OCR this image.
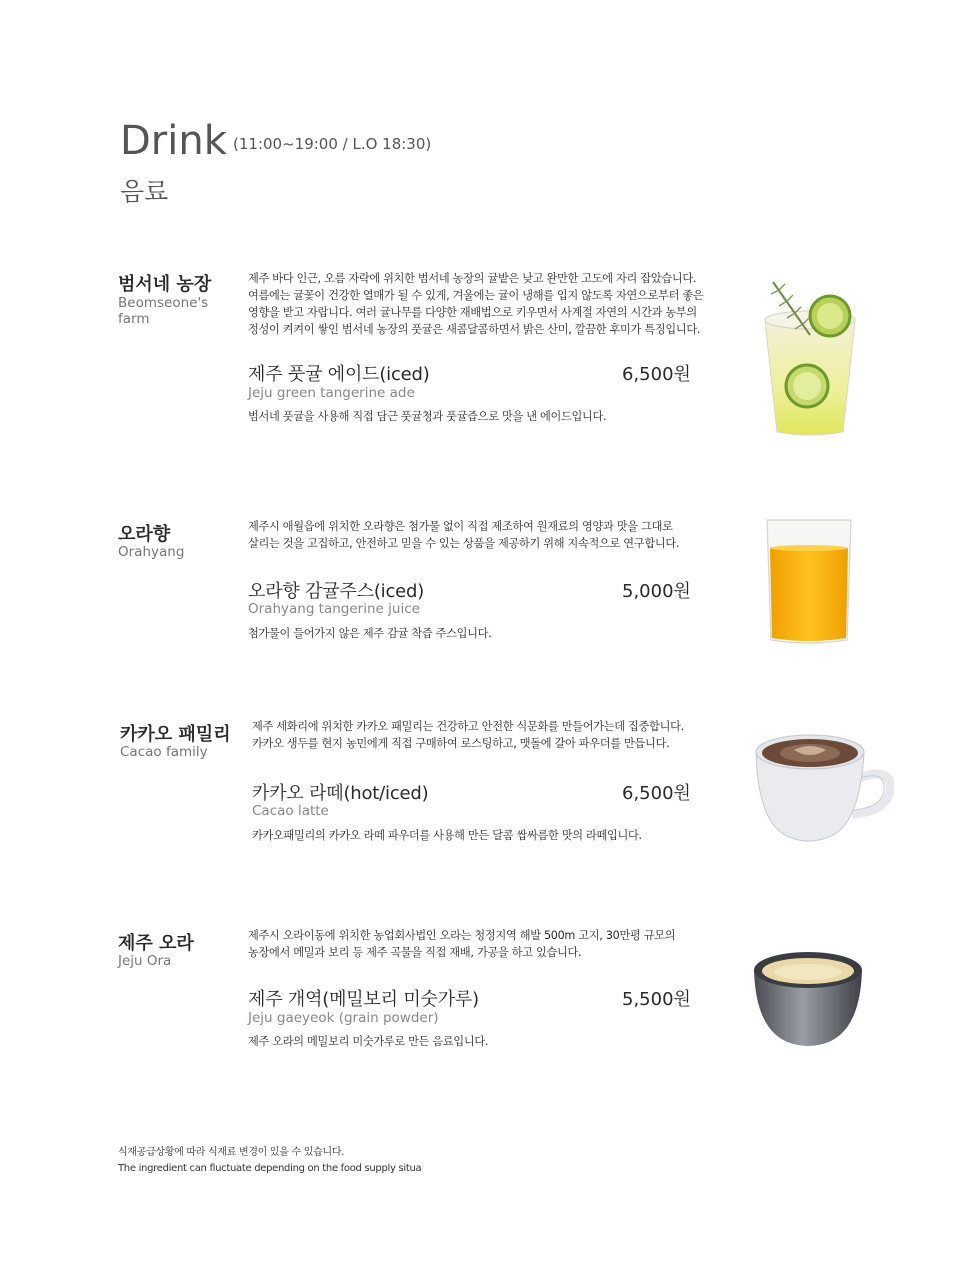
Drink (11:00~19:00 / L.O 18:30)
음료
범서네 농장
Beomseone's farm
제주 바다 인근, 오름 자락에 위치한 범서네 농장의 귤밭은 낮고 완만한 고도에 자리 잡았습니다.
여름에는 귤꽃이 건강한 열매가 될 수 있게, 겨울에는 귤이 냉해를 입지 않도록 자연으로부터 좋은
영향을 받고 자랍니다. 여러 귤나무를 다양한 재배법으로 키우면서 사계절 자연의 시간과 농부의
정성이 켜켜이 쌓인 범서네 농장의 풋귤은 새콤달콤하면서 밝은 산미, 깔끔한 후미가 특징입니다.
제주 풋귤 에이드(iced)	6,500원
Jeju green tangerine ade
범서네 풋귤을 사용해 직접 담근 풋귤청과 풋귤즙으로 맛을 낸 에이드입니다.
오라향
Orahyang
제주시 애월읍에 위치한 오라향은 첨가물 없이 직접 제조하여 원재료의 영양과 맛을 그대로
살리는 것을 고집하고, 안전하고 믿을 수 있는 상품을 제공하기 위해 지속적으로 연구합니다.
오라향 감귤주스(iced)	5,000원
Orahyang tangerine juice
첨가물이 들어가지 않은 제주 감귤 착즙 주스입니다.
카카오 패밀리
Cacao family
제주 세화리에 위치한 카카오 패밀리는 건강하고 안전한 식문화를 만들어가는데 집중합니다.
카카오 생두를 현지 농민에게 직접 구매하여 로스팅하고, 맷돌에 갈아 파우더를 만듭니다.
카카오 라떼(hot/iced)	6,500원
Cacao latte
카카오패밀리의 카카오 라떼 파우더를 사용해 만든 달콤 쌉싸름한 맛의 라떼입니다.
제주 오라
Jeju Ora
제주시 오라이동에 위치한 농업회사법인 오라는 청정지역 해발 500m 고지, 30만평 규모의
농장에서 메밀과 보리 등 제주 곡물을 직접 재배, 가공을 하고 있습니다.
제주 개역(메밀보리 미숫가루)	5,500원
Jeju gaeyeok (grain powder)
제주 오라의 메밀보리 미숫가루로 만든 음료입니다.
식재공급상황에 따라 식재료 변경이 있을 수 있습니다.
The ingredient can fluctuate depending on the food supply situa
